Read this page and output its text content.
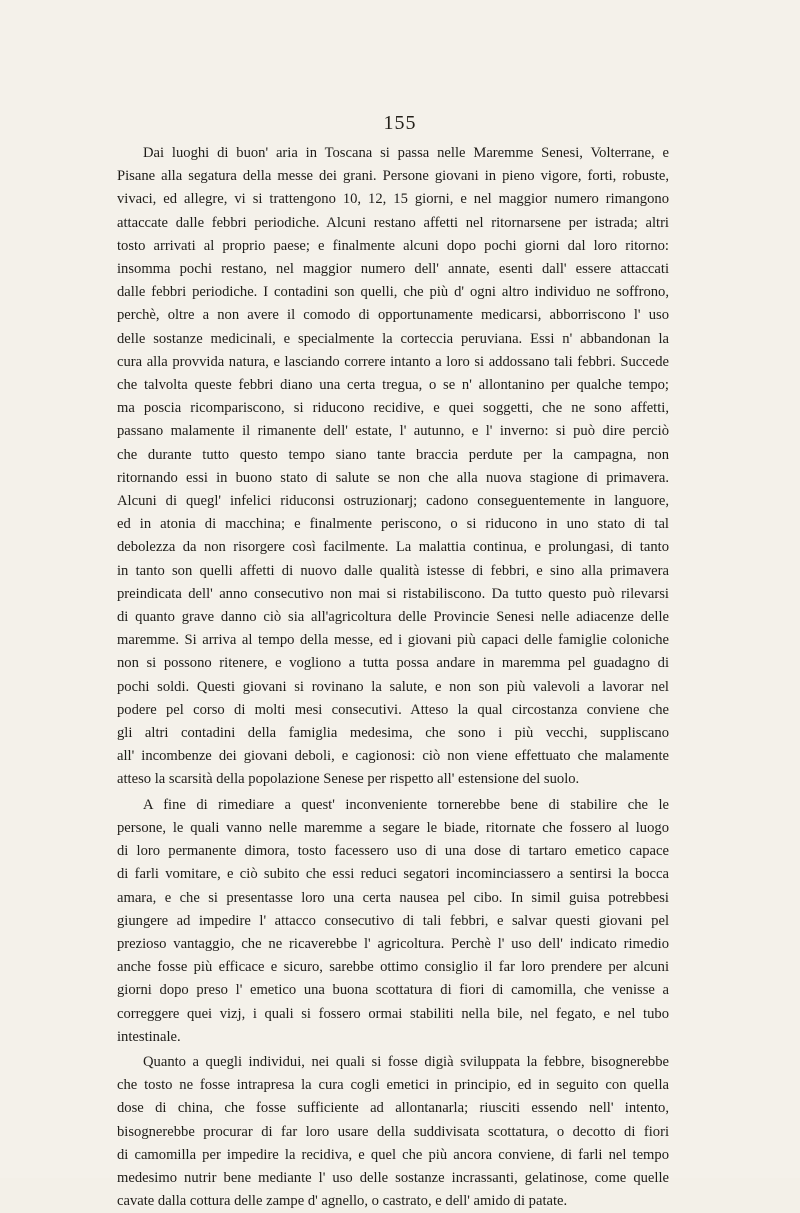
155

Dai luoghi di buon' aria in Toscana si passa nelle Maremme Senesi, Volterrane, e
Pisane alla segatura della messe dei grani. Persone giovani in pieno vigore, forti, robuste,
vivaci, ed allegre, vi si trattengono 10, 12, 15 giorni, e nel maggior numero rimangono
attaccate dalle febbri periodiche. Alcuni restano affetti nel ritornarsene per istrada; altri
tosto arrivati al proprio paese; e finalmente alcuni dopo pochi giorni dal loro ritorno:
insomma pochi restano, nel maggior numero dell' annate, esenti dall' essere attaccati
dalle febbri periodiche. I contadini son quelli, che più d' ogni altro individuo ne soffrono,
perchè, oltre a non avere il comodo di opportunamente medicarsi, abborriscono l' uso
delle sostanze medicinali, e specialmente la corteccia peruviana. Essi n' abbandonan la
cura alla provvida natura, e lasciando correre intanto a loro si addossano tali febbri. Succede
che talvolta queste febbri diano una certa tregua, o se n' allontanino per qualche tempo;
ma poscia ricompariscono, si riducono recidive, e quei soggetti, che ne sono affetti,
passano malamente il rimanente dell' estate, l' autunno, e l' inverno: si può dire perciò
che durante tutto questo tempo siano tante braccia perdute per la campagna, non
ritornando essi in buono stato di salute se non che alla nuova stagione di primavera.
Alcuni di quegl' infelici riduconsi ostruzionarj; cadono conseguentemente in languore,
ed in atonia di macchina; e finalmente periscono, o si riducono in uno stato di tal
debolezza da non risorgere così facilmente. La malattia continua, e prolungasi, di tanto
in tanto son quelli affetti di nuovo dalle qualità istesse di febbri, e sino alla primavera
preindicata dell' anno consecutivo non mai si ristabiliscono. Da tutto questo può rilevarsi
di quanto grave danno ciò sia all'agricoltura delle Provincie Senesi nelle adiacenze delle
maremme. Si arriva al tempo della messe, ed i giovani più capaci delle famiglie coloniche
non si possono ritenere, e vogliono a tutta possa andare in maremma pel guadagno di
pochi soldi. Questi giovani si rovinano la salute, e non son più valevoli a lavorar nel
podere pel corso di molti mesi consecutivi. Atteso la qual circostanza conviene che
gli altri contadini della famiglia medesima, che sono i più vecchi, suppliscano
all' incombenze dei giovani deboli, e cagionosi: ciò non viene effettuato che malamente
atteso la scarsità della popolazione Senese per rispetto all' estensione del suolo.

A fine di rimediare a quest' inconveniente tornerebbe bene di stabilire che le
persone, le quali vanno nelle maremme a segare le biade, ritornate che fossero al luogo
di loro permanente dimora, tosto facessero uso di una dose di tartaro emetico capace
di farli vomitare, e ciò subito che essi reduci segatori incominciassero a sentirsi la bocca
amara, e che si presentasse loro una certa nausea pel cibo. In simil guisa potrebbesi
giungere ad impedire l' attacco consecutivo di tali febbri, e salvar questi giovani pel
prezioso vantaggio, che ne ricaverebbe l' agricoltura. Perchè l' uso dell' indicato rimedio
anche fosse più efficace e sicuro, sarebbe ottimo consiglio il far loro prendere per alcuni
giorni dopo preso l' emetico una buona scottatura di fiori di camomilla, che venisse a
correggere quei vizj, i quali si fossero ormai stabiliti nella bile, nel fegato, e nel tubo
intestinale.

Quanto a quegli individui, nei quali si fosse digià sviluppata la febbre, bisognerebbe
che tosto ne fosse intrapresa la cura cogli emetici in principio, ed in seguito con quella
dose di china, che fosse sufficiente ad allontanarla; riusciti essendo nell' intento,
bisognerebbe procurar di far loro usare della suddivisata scottatura, o decotto di fiori
di camomilla per impedire la recidiva, e quel che più ancora conviene, di farli nel tempo
medesimo nutrir bene mediante l' uso delle sostanze incrassanti, gelatinose, come quelle
cavate dalla cottura delle zampe d' agnello, o castrato, e dell' amido di patate.
